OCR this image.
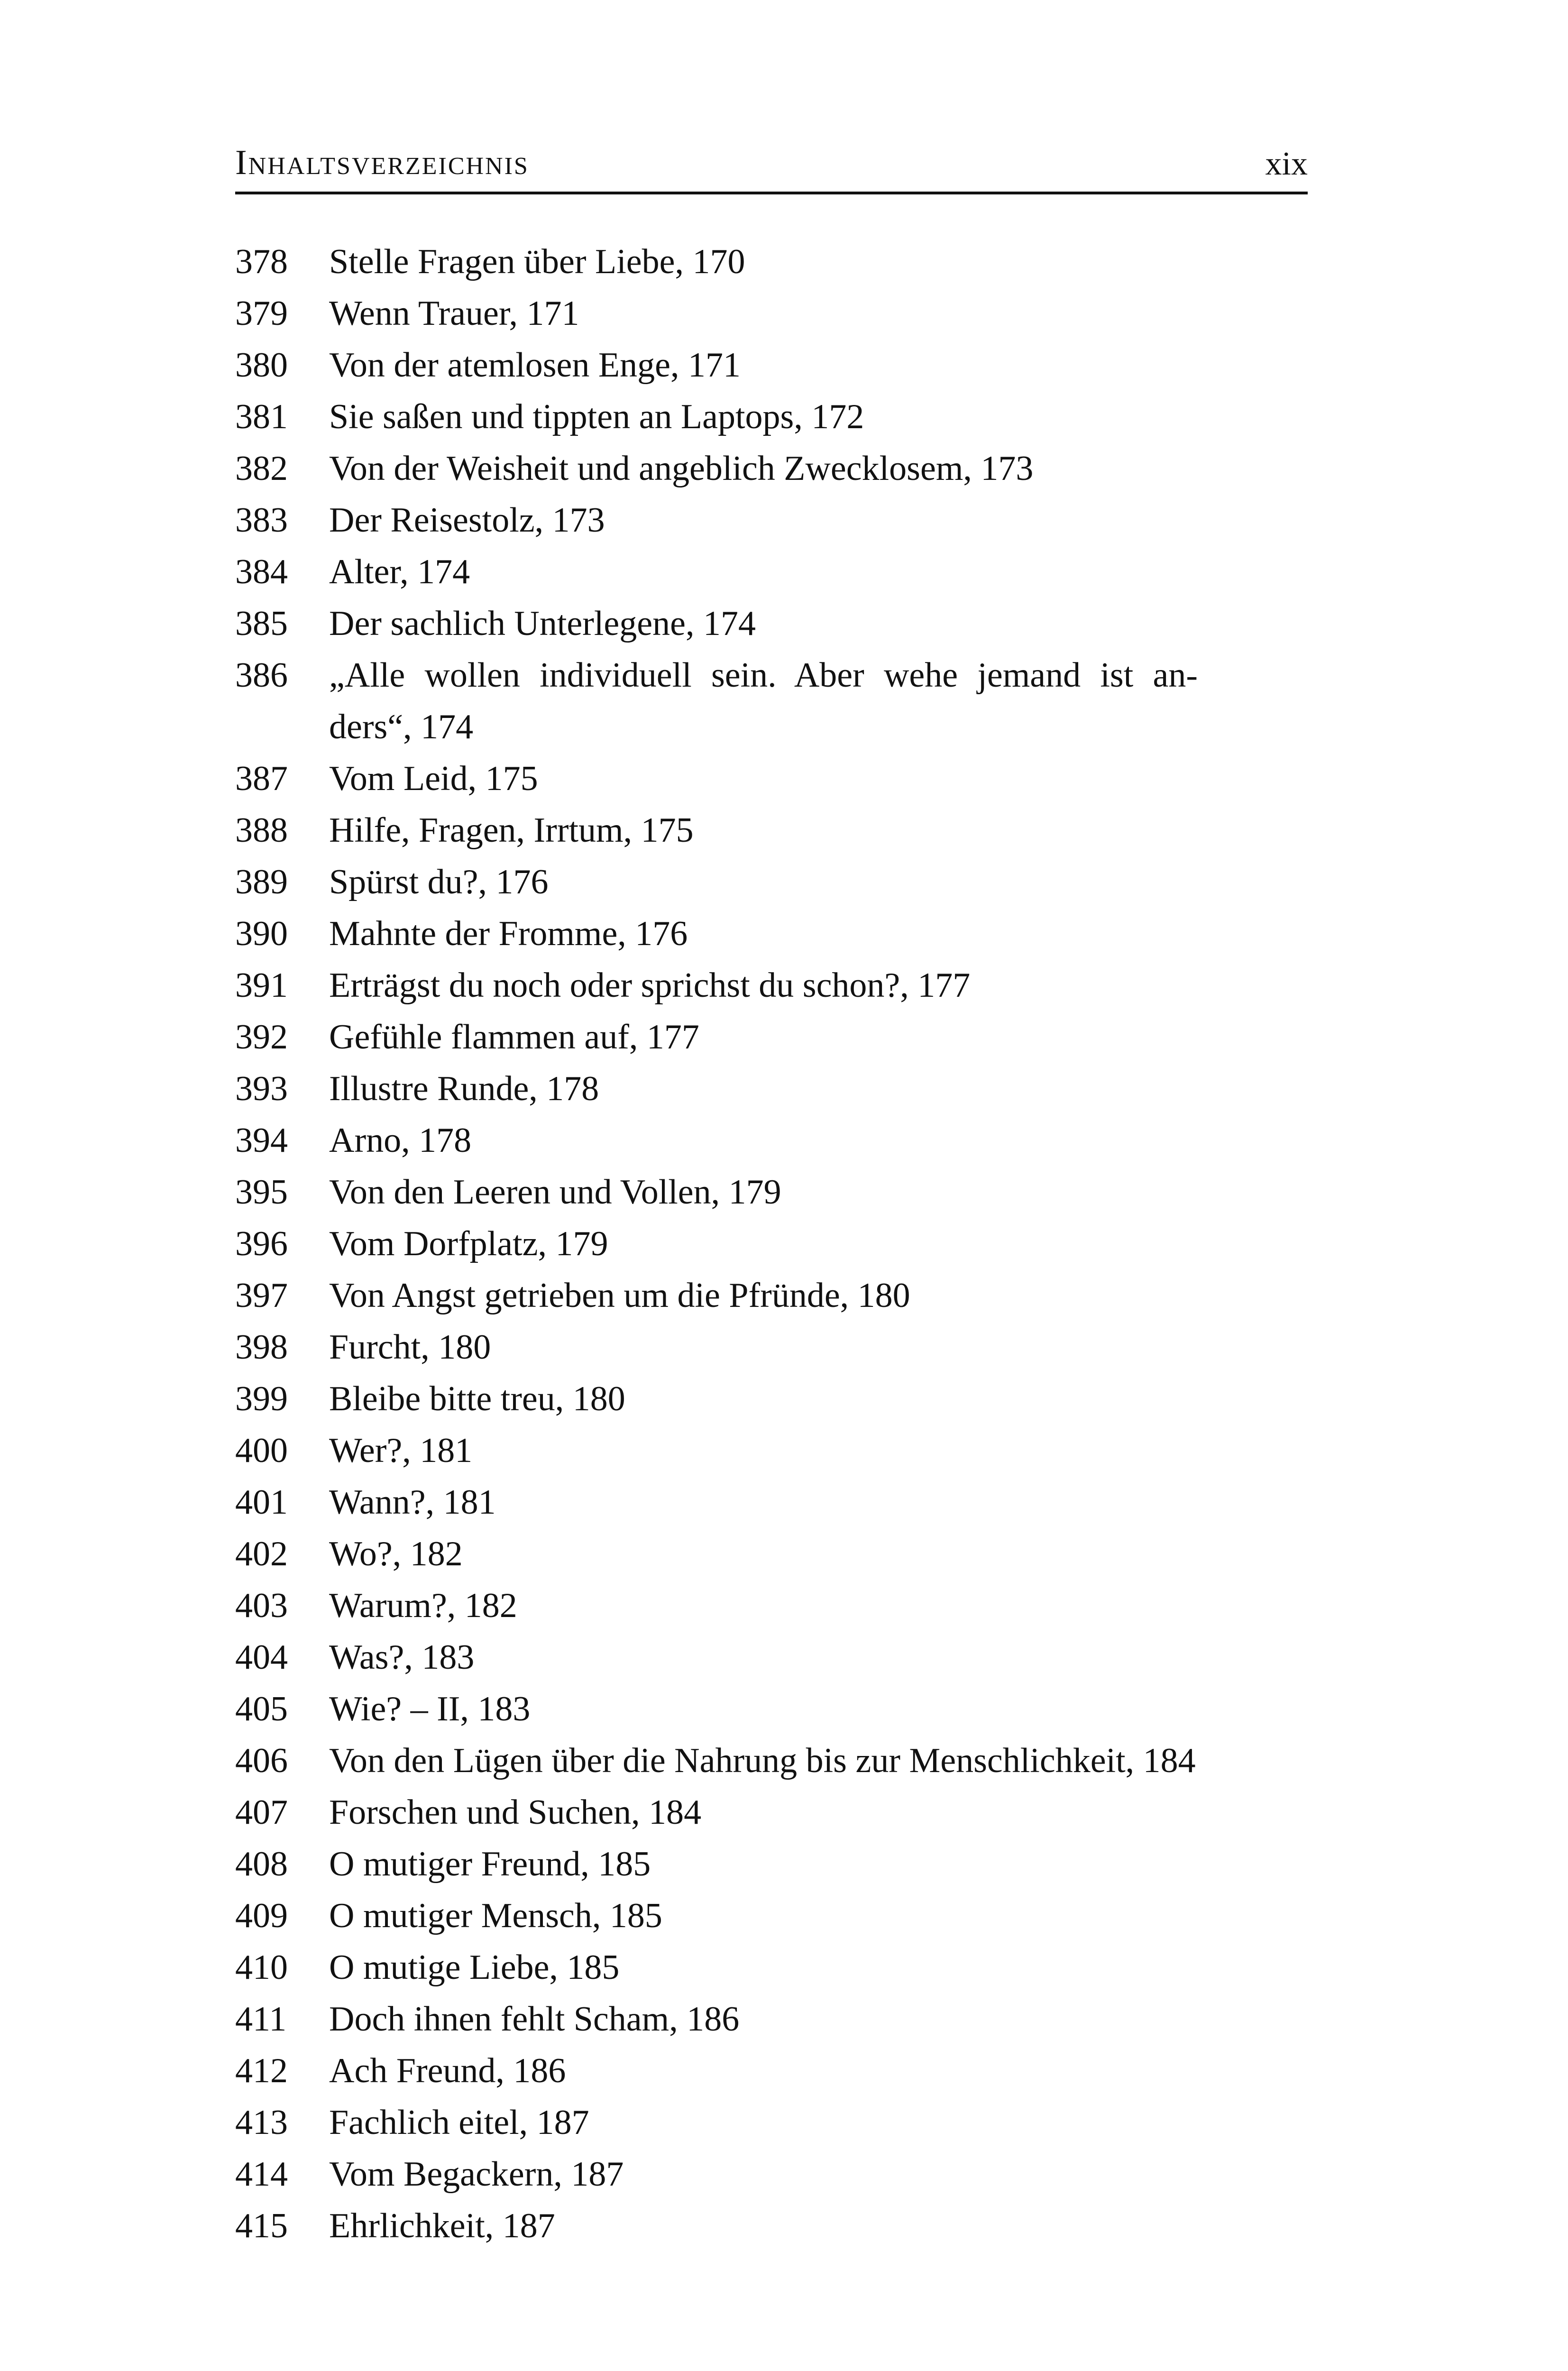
Inhaltsverzeichnis	xix
378	Stelle Fragen über Liebe, 170
379	Wenn Trauer, 171
380	Von der atemlosen Enge, 171
381	Sie saßen und tippten an Laptops, 172
382	Von der Weisheit und angeblich Zwecklosem, 173
383	Der Reisestolz, 173
384	Alter, 174
385	Der sachlich Unterlegene, 174
386	„Alle wollen individuell sein. Aber wehe jemand ist an-
ders“, 174
387	Vom Leid, 175
388	Hilfe, Fragen, Irrtum, 175
389	Spürst du?, 176
390	Mahnte der Fromme, 176
391	Erträgst du noch oder sprichst du schon?, 177
392	Gefühle flammen auf, 177
393	Illustre Runde, 178
394	Arno, 178
395	Von den Leeren und Vollen, 179
396	Vom Dorfplatz, 179
397	Von Angst getrieben um die Pfründe, 180
398	Furcht, 180
399	Bleibe bitte treu, 180
400	Wer?, 181
401	Wann?, 181
402	Wo?, 182
403	Warum?, 182
404	Was?, 183
405	Wie? – II, 183
406	Von den Lügen über die Nahrung bis zur Menschlichkeit, 184
407	Forschen und Suchen, 184
408	O mutiger Freund, 185
409	O mutiger Mensch, 185
410	O mutige Liebe, 185
411	Doch ihnen fehlt Scham, 186
412	Ach Freund, 186
413	Fachlich eitel, 187
414	Vom Begackern, 187
415	Ehrlichkeit, 187
